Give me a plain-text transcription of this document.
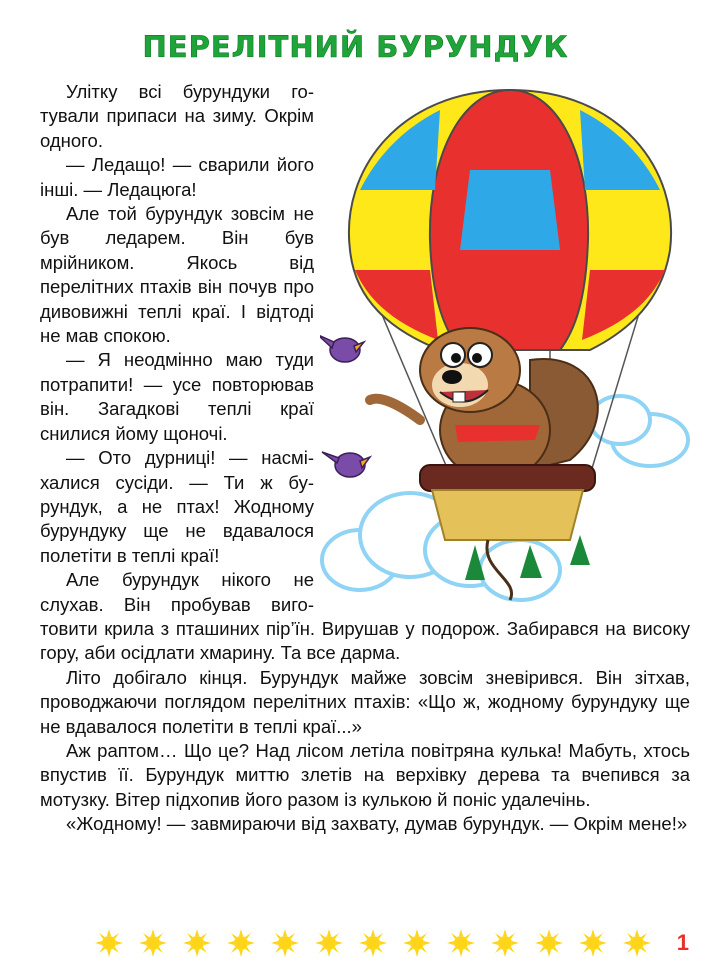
ПЕРЕЛІТНИЙ БУРУНДУК

Улітку всі бурундуки готували припаси на зиму. Окрім одного.

— Ледащо! — сварили його інші. — Ледацюга!

Але той бурундук зовсім не був ледарем. Він був мрійником. Якось від перелітних птахів він почув про дивовижні теплі краї. І відтоді не мав спокою.

— Я неодмінно маю туди потрапити! — усе повторював він. Загадкові теплі краї снилися йому щоночі.

— Ото дурниці! — насміхалися сусіди. — Ти ж бурундук, а не птах! Жодному бурундуку ще не вдавалося полетіти в теплі краї!

Але бурундук нікого не слухав. Він пробував виготовити крила з пташиних пір’їн. Вирушав у подорож. Забирався на високу гору, аби осідлати хмарину. Та все дарма.

Літо добігало кінця. Бурундук майже зовсім зневірився. Він зітхав, проводжаючи поглядом перелітних птахів: «Що ж, жодному бурундуку ще не вдавалося полетіти в теплі краї...»

Аж раптом… Що це? Над лісом летіла повітряна кулька! Мабуть, хтось впустив її. Бурундук миттю злетів на верхівку дерева та вчепився за мотузку. Вітер підхопив його разом із кулькою й поніс удалечінь.

«Жодному! — завмираючи від захвату, думав бурундук. — Окрім мене!»

1
